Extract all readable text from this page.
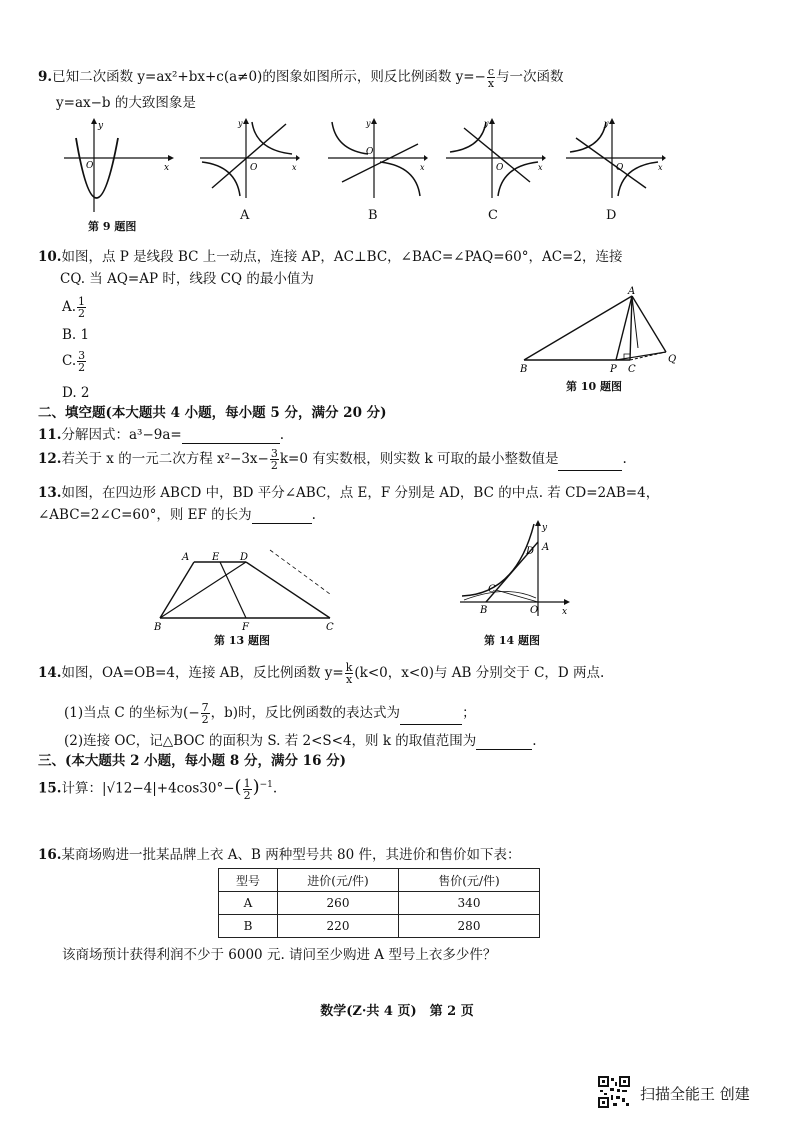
9.已知二次函数 y=ax²+bx+c(a≠0)的图象如图所示，则反比例函数 $y=- \frac{c}{x}$ 与一次函数
y=ax−b 的大致图象是
y
x
O
第 9 题图
O	x
y
O
x
y
O	x
y
O	x
y
A	B	C	D
10.如图，点 P 是线段 BC 上一动点，连接 AP，AC⊥BC，∠BAC=∠PAQ=60°，AC=2，连接
CQ. 当 AQ=AP 时，线段 CQ 的最小值为
A. $\frac{1}{2}$
B. 1
C. $\frac{3}{2}$
D. 2
A
B	P C
Q
第 10 题图
二、填空题(本大题共 4 小题，每小题 5 分，满分 20 分)
11.分解因式：a³−9a=	.
12.若关于 x 的一元二次方程 $x^2-3x- \frac{3}{2} k=0$ 有实数根，则实数 k 可取的最小整数值是	.
13.如图，在四边形 ABCD 中，BD 平分∠ABC，点 E，F 分别是 AD，BC 的中点. 若 CD=2AB=4，
∠ABC=2∠C=60°，则 EF 的长为	.
A E D
B	F	C
第 13 题图
D A
C
B	O	x
y
第 14 题图
14.如图，OA=OB=4，连接 AB，反比例函数 $y= \frac{k}{x} (k<0$，x<0)与 AB 分别交于 C，D 两点.
(1)当点 C 的坐标为(− $\frac{7}{2}$ ，b)时，反比例函数的表达式为	；
(2)连接 OC，记△BOC 的面积为 S. 若 2<S<4，则 k 的取值范围为	.
三、(本大题共 2 小题，每小题 8 分，满分 16 分)
15.计算：$|√12-4|+4\cos 30^\circ-( \frac{1}{2} )^{-1}$.
16.某商场购进一批某品牌上衣 A、B 两种型号共 80 件，其进价和售价如下表：
型号	进价(元/件)	售价(元/件)
A	260	340
B	220	280
该商场预计获得利润不少于 6000 元. 请问至少购进 A 型号上衣多少件？
数学(Z·共 4 页)　第 2 页
扫描全能王 创建
